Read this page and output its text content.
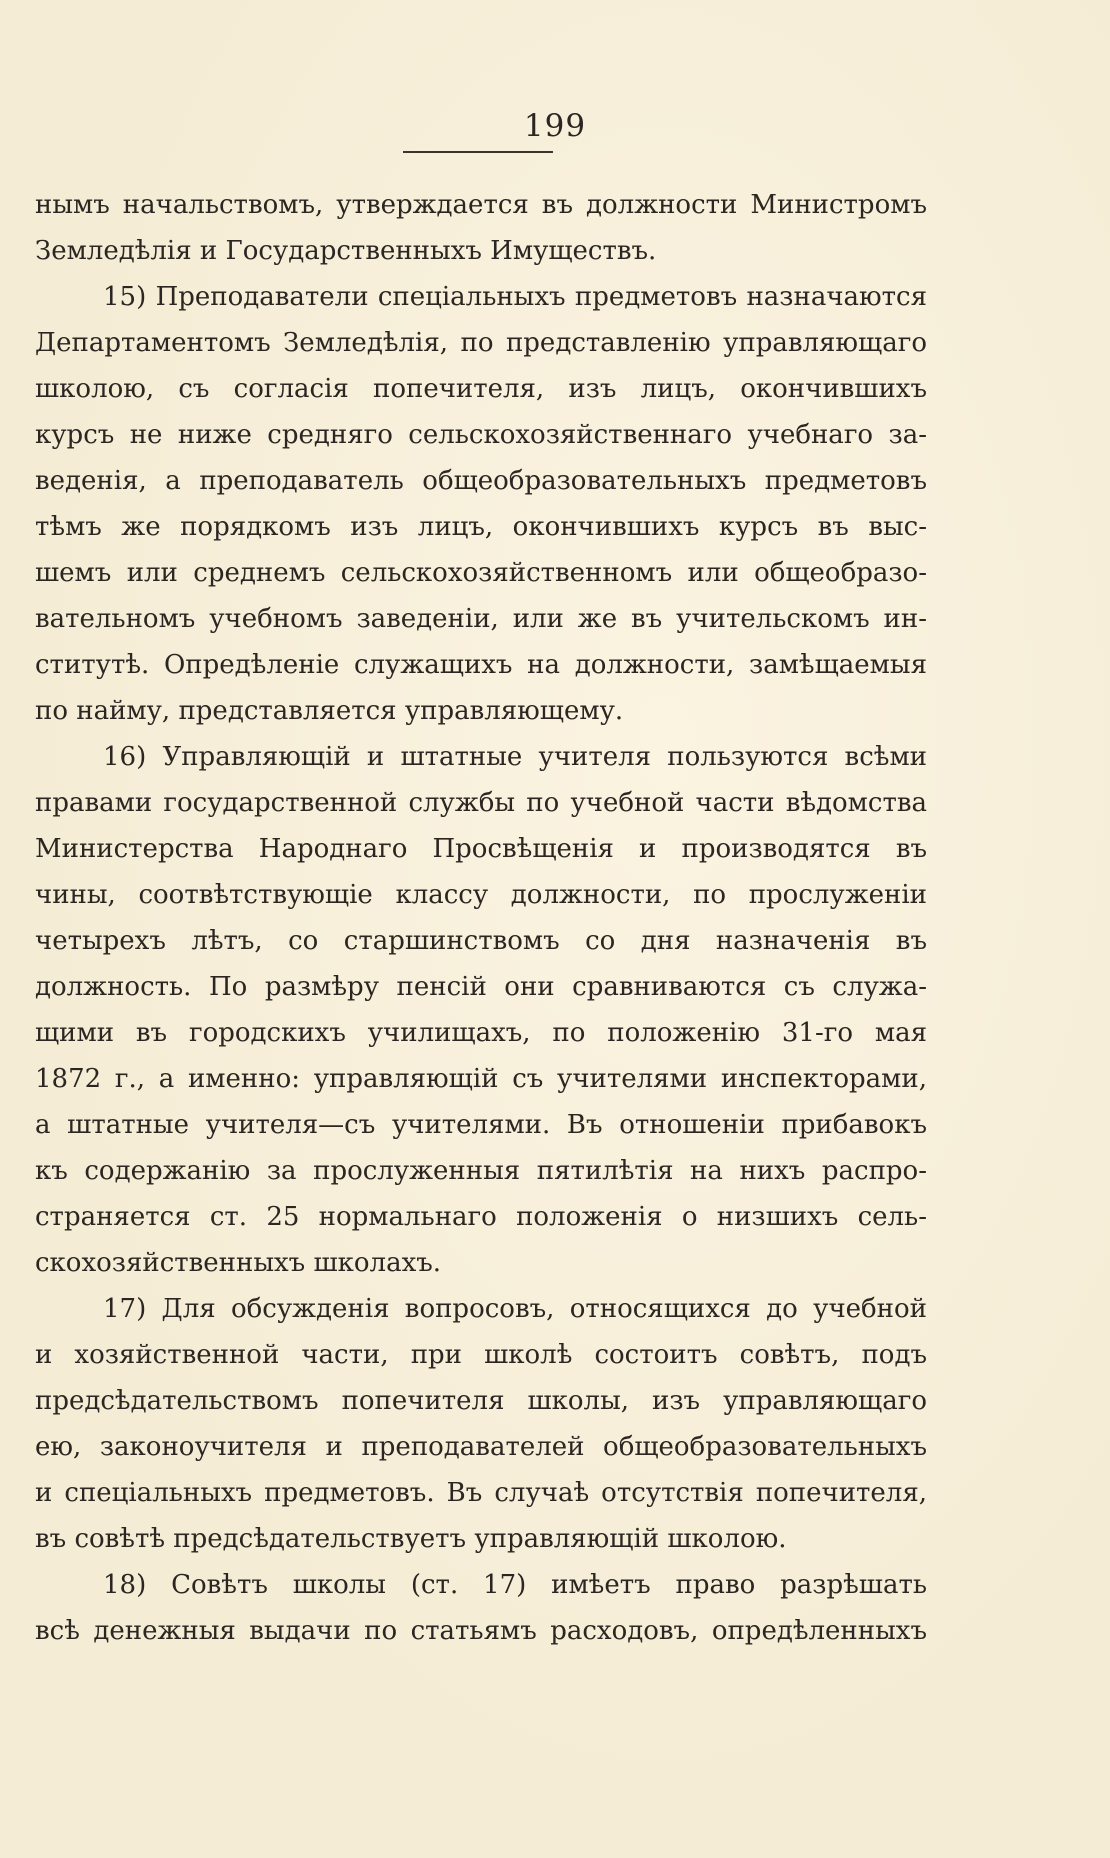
199
нымъ начальствомъ, утверждается въ должности Министромъ
Земледѣлія и Государственныхъ Имуществъ.
15) Преподаватели спеціальныхъ предметовъ назначаются
Департаментомъ Земледѣлія, по представленію управляющаго
школою, съ согласія попечителя, изъ лицъ, окончившихъ
курсъ не ниже средняго сельскохозяйственнаго учебнаго за-
веденія, а преподаватель общеобразовательныхъ предметовъ
тѣмъ же порядкомъ изъ лицъ, окончившихъ курсъ въ выс-
шемъ или среднемъ сельскохозяйственномъ или общеобразо-
вательномъ учебномъ заведеніи, или же въ учительскомъ ин-
ститутѣ. Опредѣленіе служащихъ на должности, замѣщаемыя
по найму, представляется управляющему.
16) Управляющій и штатные учителя пользуются всѣми
правами государственной службы по учебной части вѣдомства
Министерства Народнаго Просвѣщенія и производятся въ
чины, соотвѣтствующіе классу должности, по прослуженіи
четырехъ лѣтъ, со старшинствомъ со дня назначенія въ
должность. По размѣру пенсій они сравниваются съ служа-
щими въ городскихъ училищахъ, по положенію 31-го мая
1872 г., а именно: управляющій съ учителями инспекторами,
а штатные учителя—съ учителями. Въ отношеніи прибавокъ
къ содержанію за прослуженныя пятилѣтія на нихъ распро-
страняется ст. 25 нормальнаго положенія о низшихъ сель-
скохозяйственныхъ школахъ.
17) Для обсужденія вопросовъ, относящихся до учебной
и хозяйственной части, при школѣ состоитъ совѣтъ, подъ
предсѣдательствомъ попечителя школы, изъ управляющаго
ею, законоучителя и преподавателей общеобразовательныхъ
и спеціальныхъ предметовъ. Въ случаѣ отсутствія попечителя,
въ совѣтѣ предсѣдательствуетъ управляющій школою.
18) Совѣтъ школы (ст. 17) имѣетъ право разрѣшать
всѣ денежныя выдачи по статьямъ расходовъ, опредѣленныхъ
